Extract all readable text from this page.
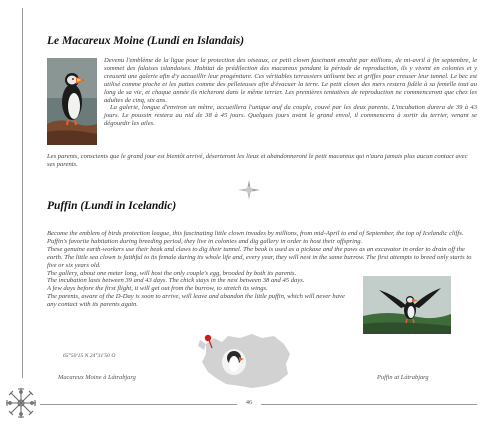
Le Macareux Moine (Lundi en Islandais)

Devenu l'emblème de la ligue pour la protection des oiseaux, ce petit clown fascinant envahit par millions, de mi-avril à fin septembre, le sommet des falaises islandaises. Habitat de prédilection des macareux pendant la période de reproduction, ils y vivent en colonies et y creusent une galerie afin d'y accueillir leur progéniture. Ces véritables terrassiers utilisent bec et griffes pour creuser leur tunnel. Le bec est utilisé comme pioche et les pattes comme des pelleteuses afin d'évacuer la terre. Le petit clown des mers restera fidèle à sa femelle tout au long de sa vie, et chaque année ils nicheront dans le même terrier. Les premières tentatives de reproduction ne commenceront que chez les adultes de cinq, six ans.

La galerie, longue d'environ un mètre, accueillera l'unique œuf du couple, couvé par les deux parents. L'incubation durera de 39 à 43 jours. Le poussin restera au nid de 38 à 45 jours. Quelques jours avant le grand envol, il commencera à sortir du terrier, venant se dégourdir les ailes.

Les parents, conscients que le grand jour est bientôt arrivé, déserteront les lieux et abandonneront le petit macareux qui n'aura jamais plus aucun contact avec ses parents.
Puffin (Lundi in Icelandic)

Become the emblem of birds protection league, this fascinating little clown invades by millions, from mid-April to end of September, the top of Icelandic cliffs. Puffin's favorite habitation during breeding period, they live in colonies and dig gallery in order to host their offspring.

These genuine earth-workers use their beak and claws to dig their tunnel. The beak is used as a pickaxe and the paws as an excavator in order to drain off the earth. The little sea clown is faithful to its female during its whole life and, every year, they will nest in the same burrow. The first attempts to breed only starts to five or six years old.

The gallery, about one meter long, will host the only couple's egg, brooded by both its parents.

The incubation lasts between 39 and 43 days. The chick stays in the nest between 38 and 45 days.

A few days before the first flight, it will get out from the burrow, to stretch its wings.

The parents, aware of the D-Day is soon to arrive, will leave and abandon the little puffin, which will never have any contact with its parents again.

65°50'15 N 24°31'50 O
Macareux Moine à Látrabjarg	Puffin at Látrabjarg
46
